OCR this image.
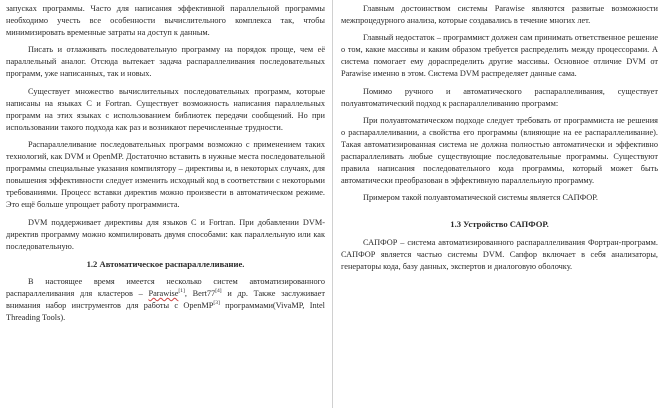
запусках программы. Часто для написания эффективной параллельной программы необходимо учесть все особенности вычислительного комплекса так, чтобы минимизировать временные затраты на доступ к данным.

Писать и отлаживать последовательную программу на порядок проще, чем её параллельный аналог. Отсюда вытекает задача распараллеливания последовательных программ, уже написанных, так и новых.

Существует множество вычислительных последовательных программ, которые написаны на языках C и Fortran. Существует возможность написания параллельных программ на этих языках с использованием библиотек передачи сообщений. Но при использовании такого подхода как раз и возникают перечисленные трудности.

Распараллеливание последовательных программ возможно с применением таких технологий, как DVM и OpenMP. Достаточно вставить в нужные места последовательной программы специальные указания компилятору – директивы и, в некоторых случаях, для повышения эффективности следует изменить исходный код в соответствии с некоторыми требованиями. Процесс вставки директив можно произвести в автоматическом режиме. Это ещё больше упрощает работу программиста.

DVM поддерживает директивы для языков C и Fortran. При добавлении DVM-директив программу можно компилировать двумя способами: как параллельную или как последовательную.

1.2 Автоматическое распараллеливание.

В настоящее время имеется несколько систем автоматизированного распараллеливания для кластеров – Parawise[1], Bert77[4] и др. Также заслуживает внимания набор инструментов для работы с OpenMP[3] программами(VivaMP, Intel Threading Tools).

Главным достоинством системы Parawise являются развитые возможности межпроцедурного анализа, которые создавались в течение многих лет.

Главный недостаток – программист должен сам принимать ответственное решение о том, какие массивы и каким образом требуется распределить между процессорами. А система помогает ему дораспределить другие массивы. Основное отличие DVM от Parawise именно в этом. Система DVM распределяет данные сама.

Помимо ручного и автоматического распараллеливания, существует полуавтоматический подход к распараллеливанию программ:

При полуавтоматическом подходе следует требовать от программиста не решения о распараллеливании, а свойства его программы (влияющие на ее распараллеливание). Такая автоматизированная система не должна полностью автоматически и эффективно распараллеливать любые существующие последовательные программы. Существуют правила написания последовательного кода программы, который может быть автоматически преобразован в эффективную параллельную программу.

Примером такой полуавтоматической системы является САПФОР.

1.3 Устройство САПФОР.

САПФОР – система автоматизированного распараллеливания Фортран-программ. САПФОР является частью системы DVM. Сапфор включает в себя анализаторы, генераторы кода, базу данных, экспертов и диалоговую оболочку.
